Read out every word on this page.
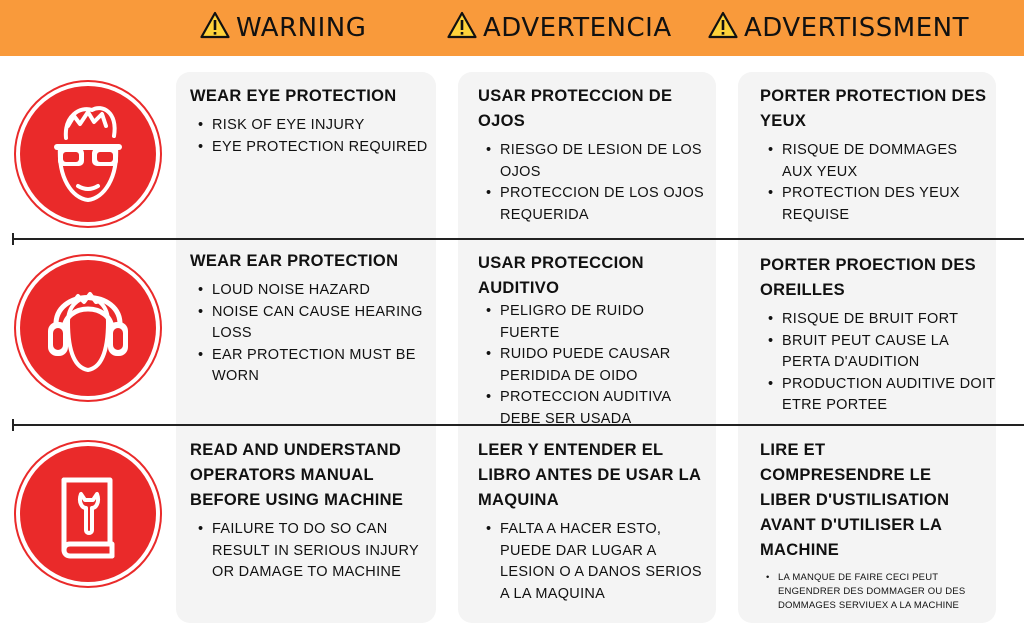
WARNING	ADVERTENCIA	ADVERTISSMENT
WEAR EYE PROTECTION
• RISK OF EYE INJURY
• EYE PROTECTION REQUIRED
USAR PROTECCION DE OJOS
• RIESGO DE LESION DE LOS OJOS
• PROTECCION DE LOS OJOS REQUERIDA
PORTER PROTECTION DES YEUX
• RISQUE DE DOMMAGES AUX YEUX
• PROTECTION DES YEUX REQUISE
WEAR EAR PROTECTION
• LOUD NOISE HAZARD
• NOISE CAN CAUSE HEARING LOSS
• EAR PROTECTION MUST BE WORN
USAR PROTECCION AUDITIVO
• PELIGRO DE RUIDO FUERTE
• RUIDO PUEDE CAUSAR PERIDIDA DE OIDO
• PROTECCION AUDITIVA DEBE SER USADA
PORTER PROECTION DES OREILLES
• RISQUE DE BRUIT FORT
• BRUIT PEUT CAUSE LA PERTA D'AUDITION
• PRODUCTION AUDITIVE DOIT ETRE PORTEE
READ AND UNDERSTAND OPERATORS MANUAL BEFORE USING MACHINE
• FAILURE TO DO SO CAN RESULT IN SERIOUS INJURY OR DAMAGE TO MACHINE
LEER Y ENTENDER EL LIBRO ANTES DE USAR LA MAQUINA
• FALTA A HACER ESTO, PUEDE DAR LUGAR A LESION O A DANOS SERIOS A LA MAQUINA
LIRE ET COMPRESENDRE LE LIBER D'USTILISATION AVANT D'UTILISER LA MACHINE
• LA MANQUE DE FAIRE CECI PEUT ENGENDRER DES DOMMAGER OU DES DOMMAGES SERVIUEX A LA MACHINE
